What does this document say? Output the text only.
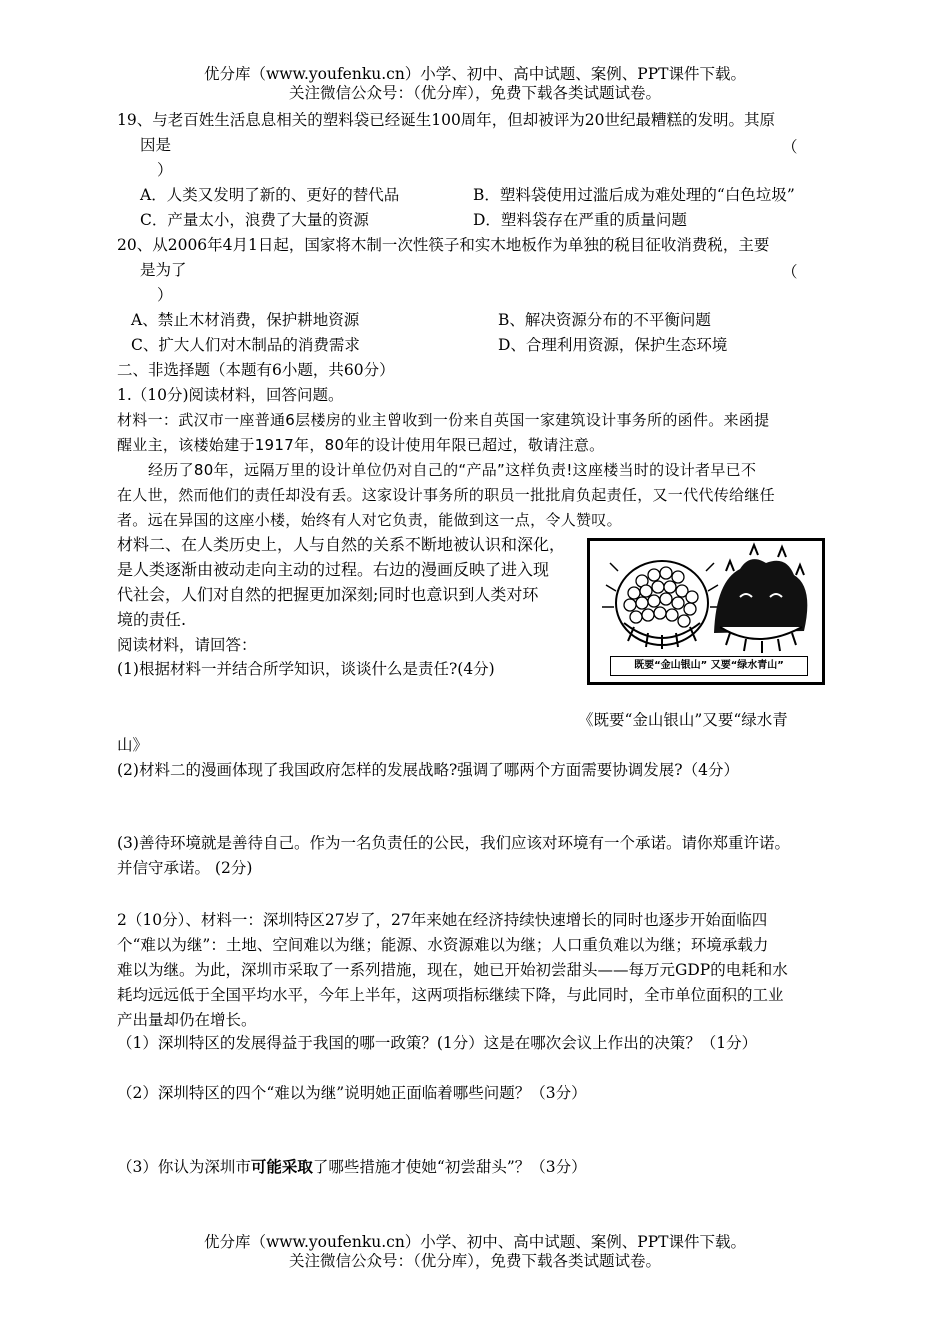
优分库（www.youfenku.cn）小学、初中、高中试题、案例、PPT课件下载。
关注微信公众号：（优分库），免费下载各类试题试卷。
19、与老百姓生活息息相关的塑料袋已经诞生100周年，但却被评为20世纪最糟糕的发明。其原
因是	（
）
A．人类又发明了新的、更好的替代品	B．塑料袋使用过滥后成为难处理的“白色垃圾”
C．产量太小，浪费了大量的资源	D．塑料袋存在严重的质量问题
20、从2006年4月1日起，国家将木制一次性筷子和实木地板作为单独的税目征收消费税，主要
是为了	（
）
A、禁止木材消费，保护耕地资源	B、解决资源分布的不平衡问题
C、扩大人们对木制品的消费需求	D、合理利用资源，保护生态环境
二、非选择题（本题有6小题，共60分）
1.（10分)阅读材料，回答问题。
材料一：武汉市一座普通6层楼房的业主曾收到一份来自英国一家建筑设计事务所的函件。来函提
醒业主，该楼始建于1917年，80年的设计使用年限已超过，敬请注意。
经历了80年，远隔万里的设计单位仍对自己的“产品”这样负责!这座楼当时的设计者早已不
在人世，然而他们的责任却没有丢。这家设计事务所的职员一批批肩负起责任，又一代代传给继任
者。远在异国的这座小楼，始终有人对它负责，能做到这一点，令人赞叹。
材料二、在人类历史上，人与自然的关系不断地被认识和深化，
是人类逐渐由被动走向主动的过程。右边的漫画反映了进入现
代社会，人们对自然的把握更加深刻;同时也意识到人类对环
境的责任.
阅读材料，请回答：
(1)根据材料一并结合所学知识，谈谈什么是责任?(4分)	既要“金山银山” 又要“绿水青山”
《既要“金山银山”又要“绿水青
山》
(2)材料二的漫画体现了我国政府怎样的发展战略?强调了哪两个方面需要协调发展?（4分）
(3)善待环境就是善待自己。作为一名负责任的公民，我们应该对环境有一个承诺。请你郑重许诺。
并信守承诺。 (2分)
2（10分）、材料一：深圳特区27岁了，27年来她在经济持续快速增长的同时也逐步开始面临四
个“难以为继”：土地、空间难以为继；能源、水资源难以为继；人口重负难以为继；环境承载力
难以为继。为此，深圳市采取了一系列措施，现在，她已开始初尝甜头——每万元GDP的电耗和水
耗均远远低于全国平均水平，今年上半年，这两项指标继续下降，与此同时，全市单位面积的工业
产出量却仍在增长。
（1）深圳特区的发展得益于我国的哪一政策？(1分）这是在哪次会议上作出的决策？（1分）
（2）深圳特区的四个“难以为继”说明她正面临着哪些问题？（3分）
（3）你认为深圳市可能采取了哪些措施才使她“初尝甜头”？（3分）
优分库（www.youfenku.cn）小学、初中、高中试题、案例、PPT课件下载。
关注微信公众号：（优分库），免费下载各类试题试卷。
